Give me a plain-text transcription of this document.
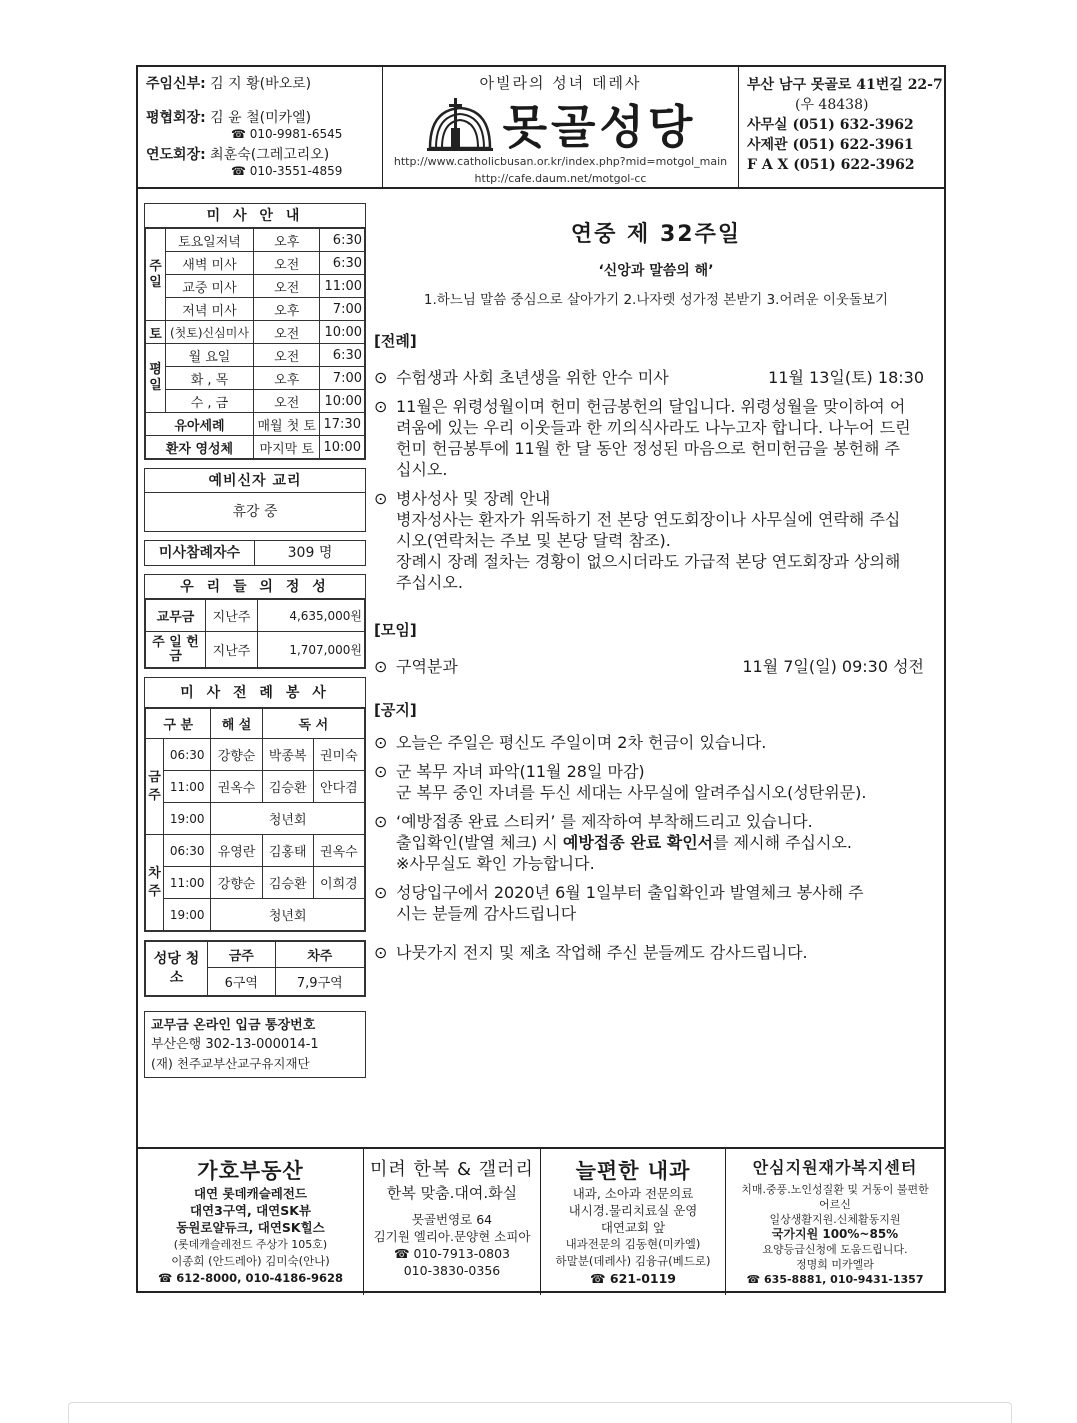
주임신부:
김 지 황(바오로)
평협회장:
김 윤 철(미카엘)
☎ 010-9981-6545
연도회장:
최훈숙(그레고리오)
☎ 010-3551-4859
아빌라의 성녀 데레사
못골성당
http://www.catholicbusan.or.kr/index.php?mid=motgol_main
http://cafe.daum.net/motgol-cc
부산 남구 못골로 41번길 22-7
(우 48438)
사무실 (051) 632-3962
사제관 (051) 622-3961
F A X (051) 622-3962
미 사 안 내
주일	토요일저녁	오후	6:30
	새벽 미사	오전	6:30
	교중 미사	오전	11:00
	저녁 미사	오후	7:00
토	(첫토)신심미사	오전	10:00
평일	월 요일	오전	6:30
	화 , 목	오후	7:00
	수 , 금	오전	10:00
유아세례		매월 첫 토	17:30
환자 영성체		마지막 토	10:00
예비신자 교리
휴강 중
미사참례자수	309 명
우 리 들 의 정 성
교무금	지난주	4,635,000원
주 일 헌 금	지난주	1,707,000원
미 사 전 례 봉 사
구 분		해 설	독 서	
금주	06:30	강향순	박종복	권미숙
	11:00	권옥수	김승환	안다겸
	19:00	청년회		
차주	06:30	유영란	김홍태	권옥수
	11:00	강향순	김승환	이희경
	19:00	청년회		
성당 청소	금주	차주
	6구역	7,9구역
교무금 온라인 입금 통장번호
부산은행 302-13-000014-1
(재) 천주교부산교구유지재단
연중 제 32주일
‘신앙과 말씀의 해’
1.하느님 말씀 중심으로 살아가기 2.나자렛 성가정 본받기 3.어려운 이웃돌보기
[전례]
⊙ 수험생과 사회 초년생을 위한 안수 미사	11월 13일(토) 18:30
⊙ 11월은 위령성월이며 헌미 헌금봉헌의 달입니다. 위령성월을 맞이하여 어려움에 있는 우리 이웃들과 한 끼의식사라도 나누고자 합니다. 나누어 드린 헌미 헌금봉투에 11월 한 달 동안 정성된 마음으로 헌미헌금을 봉헌해 주십시오.
⊙ 병사성사 및 장례 안내
병자성사는 환자가 위독하기 전 본당 연도회장이나 사무실에 연락해 주십시오(연락처는 주보 및 본당 달력 참조).
장례시 장례 절차는 경황이 없으시더라도 가급적 본당 연도회장과 상의해 주십시오.
[모임]
⊙ 구역분과	11월 7일(일) 09:30 성전
[공지]
⊙ 오늘은 주일은 평신도 주일이며 2차 헌금이 있습니다.
⊙ 군 복무 자녀 파악(11월 28일 마감)
군 복무 중인 자녀를 두신 세대는 사무실에 알려주십시오(성탄위문).
⊙ ‘예방접종 완료 스티커’ 를 제작하여 부착해드리고 있습니다.
출입확인(발열 체크) 시 예방접종 완료 확인서를 제시해 주십시오.
※사무실도 확인 가능합니다.
⊙ 성당입구에서 2020년 6월 1일부터 출입확인과 발열체크 봉사해 주시는 분들께 감사드립니다
⊙ 나뭇가지 전지 및 제초 작업해 주신 분들께도 감사드립니다.
가호부동산
대연 롯데캐슬레전드
대연3구역, 대연SK뷰
동원로얄듀크, 대연SK힐스
(롯데캐슬레전드 주상가 105호)
이종희 (안드레아) 김미숙(안나)
☎ 612-8000, 010-4186-9628
미려 한복 & 갤러리
한복 맞춤.대여.화실
못골번영로 64
김기원 엘리아.문양현 소피아
☎ 010-7913-0803
010-3830-0356
늘편한 내과
내과, 소아과 전문의료
내시경.물리치료실 운영
대연교회 앞
내과전문의 김동현(미카엘)
하말분(데레사) 김융규(베드로)
☎ 621-0119
안심지원재가복지센터
치매.중풍.노인성질환 및 거동이 불편한
어르신
일상생활지원.신체활동지원
국가지원 100%~85%
요양등급신청에 도움드립니다.
정명희 미카엘라
☎ 635-8881, 010-9431-1357
